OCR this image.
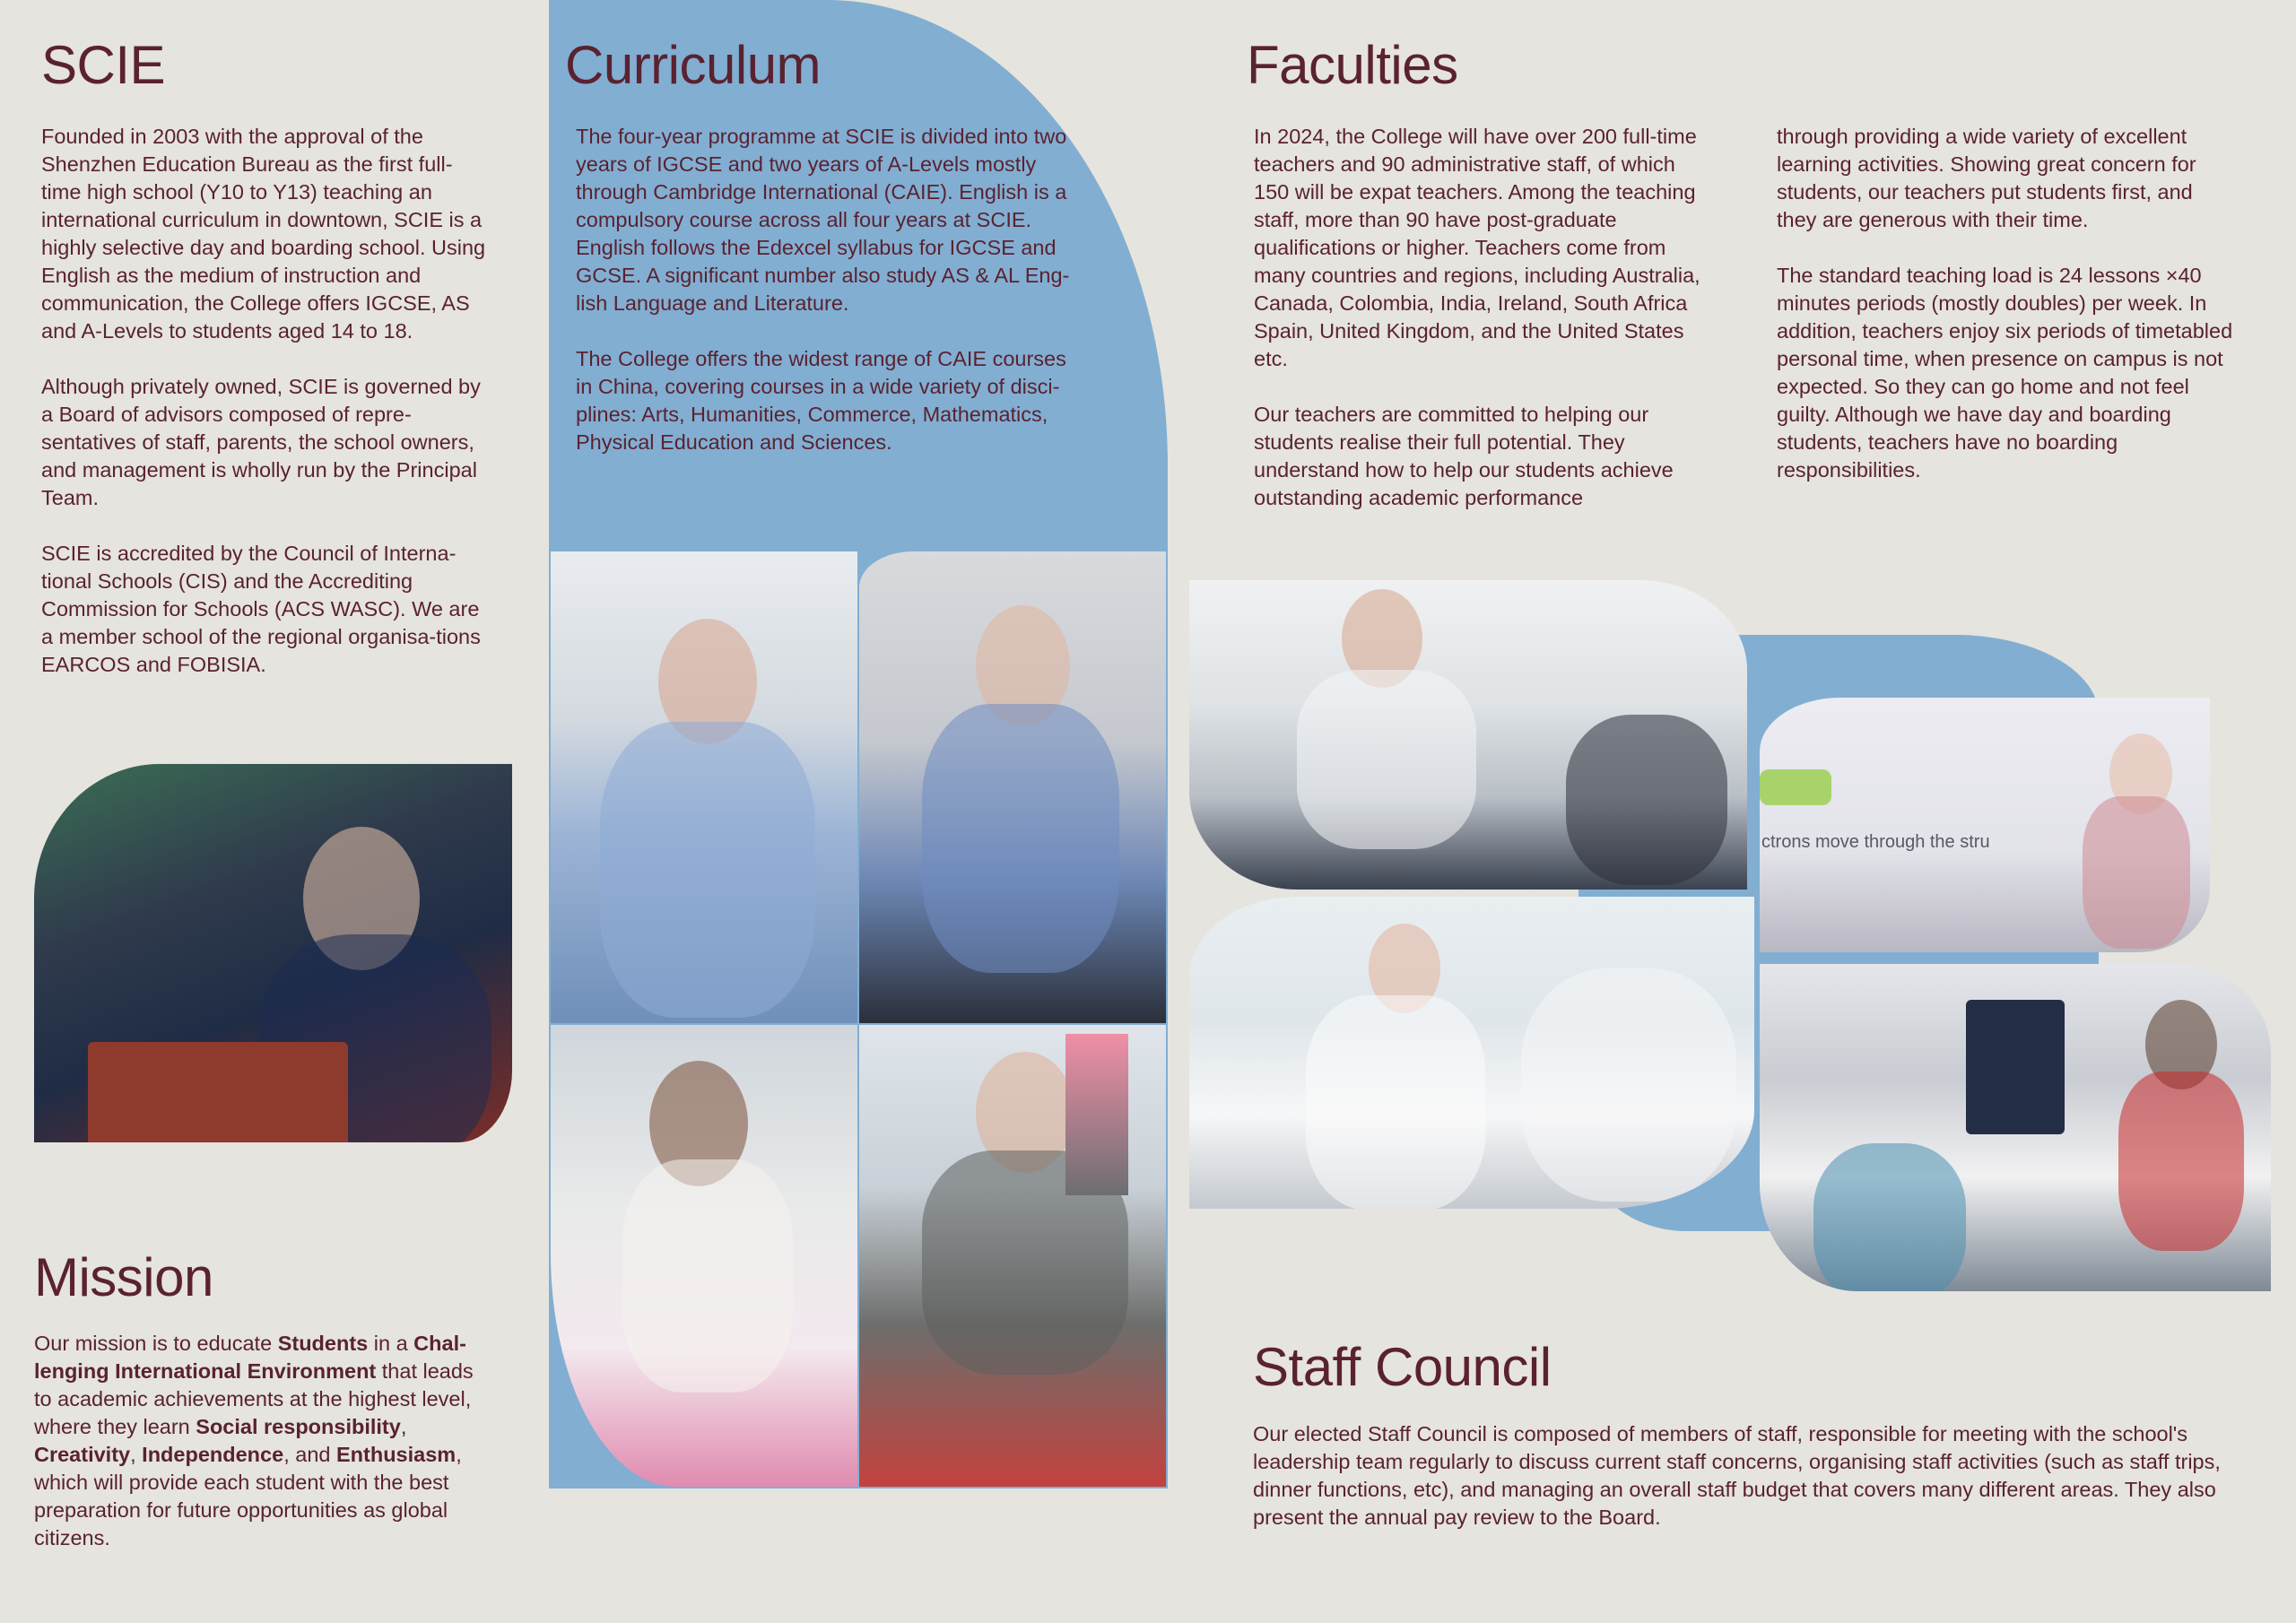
SCIE

Founded in 2003 with the approval of the Shenzhen Education Bureau as the first full-time high school (Y10 to Y13) teaching an international curriculum in downtown, SCIE is a highly selective day and boarding school. Using English as the medium of instruction and communication, the College offers IGCSE, AS and A-Levels to students aged 14 to 18.

Although privately owned, SCIE is governed by a Board of advisors composed of repre-sentatives of staff, parents, the school owners, and management is wholly run by the Principal Team.

SCIE is accredited by the Council of Interna-tional Schools (CIS) and the Accrediting Commission for Schools (ACS WASC). We are a member school of the regional organisa-tions EARCOS and FOBISIA.

Mission

Our mission is to educate Students in a Chal-lenging International Environment that leads to academic achievements at the highest level, where they learn Social responsibility, Creativity, Independence, and Enthusiasm, which will provide each student with the best preparation for future opportunities as global citizens.

Curriculum

The four-year programme at SCIE is divided into two years of IGCSE and two years of A-Levels mostly through Cambridge International (CAIE). English is a compulsory course across all four years at SCIE. English follows the Edexcel syllabus for IGCSE and GCSE. A significant number also study AS & AL Eng-lish Language and Literature.

The College offers the widest range of CAIE courses in China, covering courses in a wide variety of disci-plines: Arts, Humanities, Commerce, Mathematics, Physical Education and Sciences.

Faculties

In 2024, the College will have over 200 full-time teachers and 90 administrative staff, of which 150 will be expat teachers. Among the teaching staff, more than 90 have post-graduate qualifications or higher. Teachers come from many countries and regions, including Australia, Canada, Colombia, India, Ireland, South Africa Spain, United Kingdom, and the United States etc.

Our teachers are committed to helping our students realise their full potential. They understand how to help our students achieve outstanding academic performance

through providing a wide variety of excellent learning activities. Showing great concern for students, our teachers put students first, and they are generous with their time.

The standard teaching load is 24 lessons ×40 minutes periods (mostly doubles) per week. In addition, teachers enjoy six periods of timetabled personal time, when presence on campus is not expected. So they can go home and not feel guilty. Although we have day and boarding students, teachers have no boarding responsibilities.

ctrons move through the stru
Staff Council

Our elected Staff Council is composed of members of staff, responsible for meeting with the school's leadership team regularly to discuss current staff concerns, organising staff activities (such as staff trips, dinner functions, etc), and managing an overall staff budget that covers many different areas. They also present the annual pay review to the Board.
